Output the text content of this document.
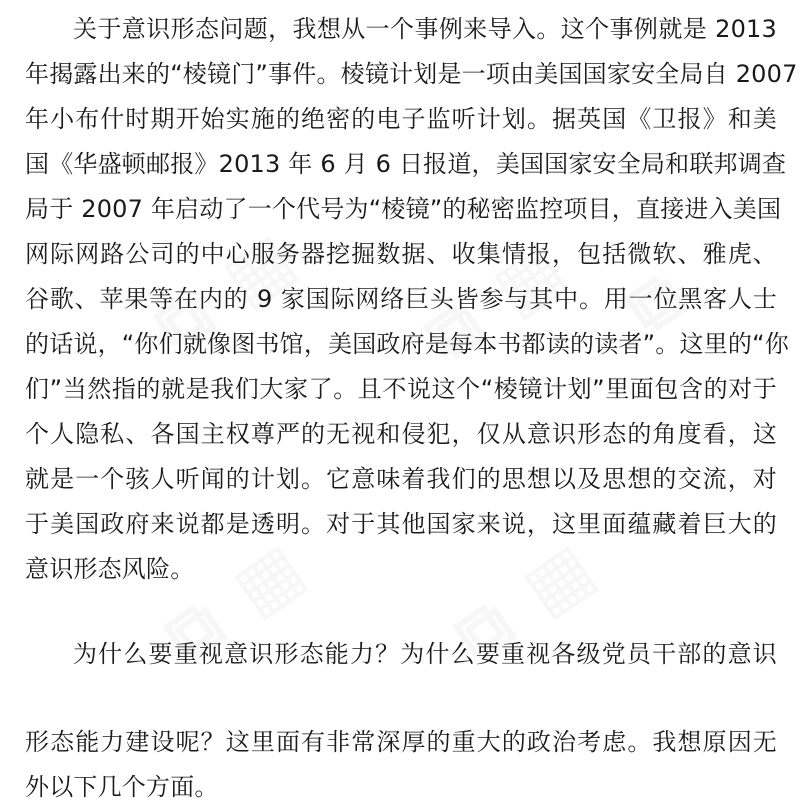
⧉ ▦ ⧉ ▦ ⧉
⧉ ▦ ⧉ ▦
关于意识形态问题，我想从一个事例来导入。这个事例就是 2013
年揭露出来的“棱镜门”事件。棱镜计划是一项由美国国家安全局自 2007
年小布什时期开始实施的绝密的电子监听计划。据英国《卫报》和美
国《华盛顿邮报》2013 年 6 月 6 日报道，美国国家安全局和联邦调查
局于 2007 年启动了一个代号为“棱镜”的秘密监控项目，直接进入美国
网际网路公司的中心服务器挖掘数据、收集情报，包括微软、雅虎、
谷歌、苹果等在内的 9 家国际网络巨头皆参与其中。用一位黑客人士
的话说，“你们就像图书馆，美国政府是每本书都读的读者”。这里的“你
们”当然指的就是我们大家了。且不说这个“棱镜计划”里面包含的对于
个人隐私、各国主权尊严的无视和侵犯，仅从意识形态的角度看，这
就是一个骇人听闻的计划。它意味着我们的思想以及思想的交流，对
于美国政府来说都是透明。对于其他国家来说，这里面蕴藏着巨大的
意识形态风险。
为什么要重视意识形态能力？为什么要重视各级党员干部的意识
形态能力建设呢？这里面有非常深厚的重大的政治考虑。我想原因无
外以下几个方面。
